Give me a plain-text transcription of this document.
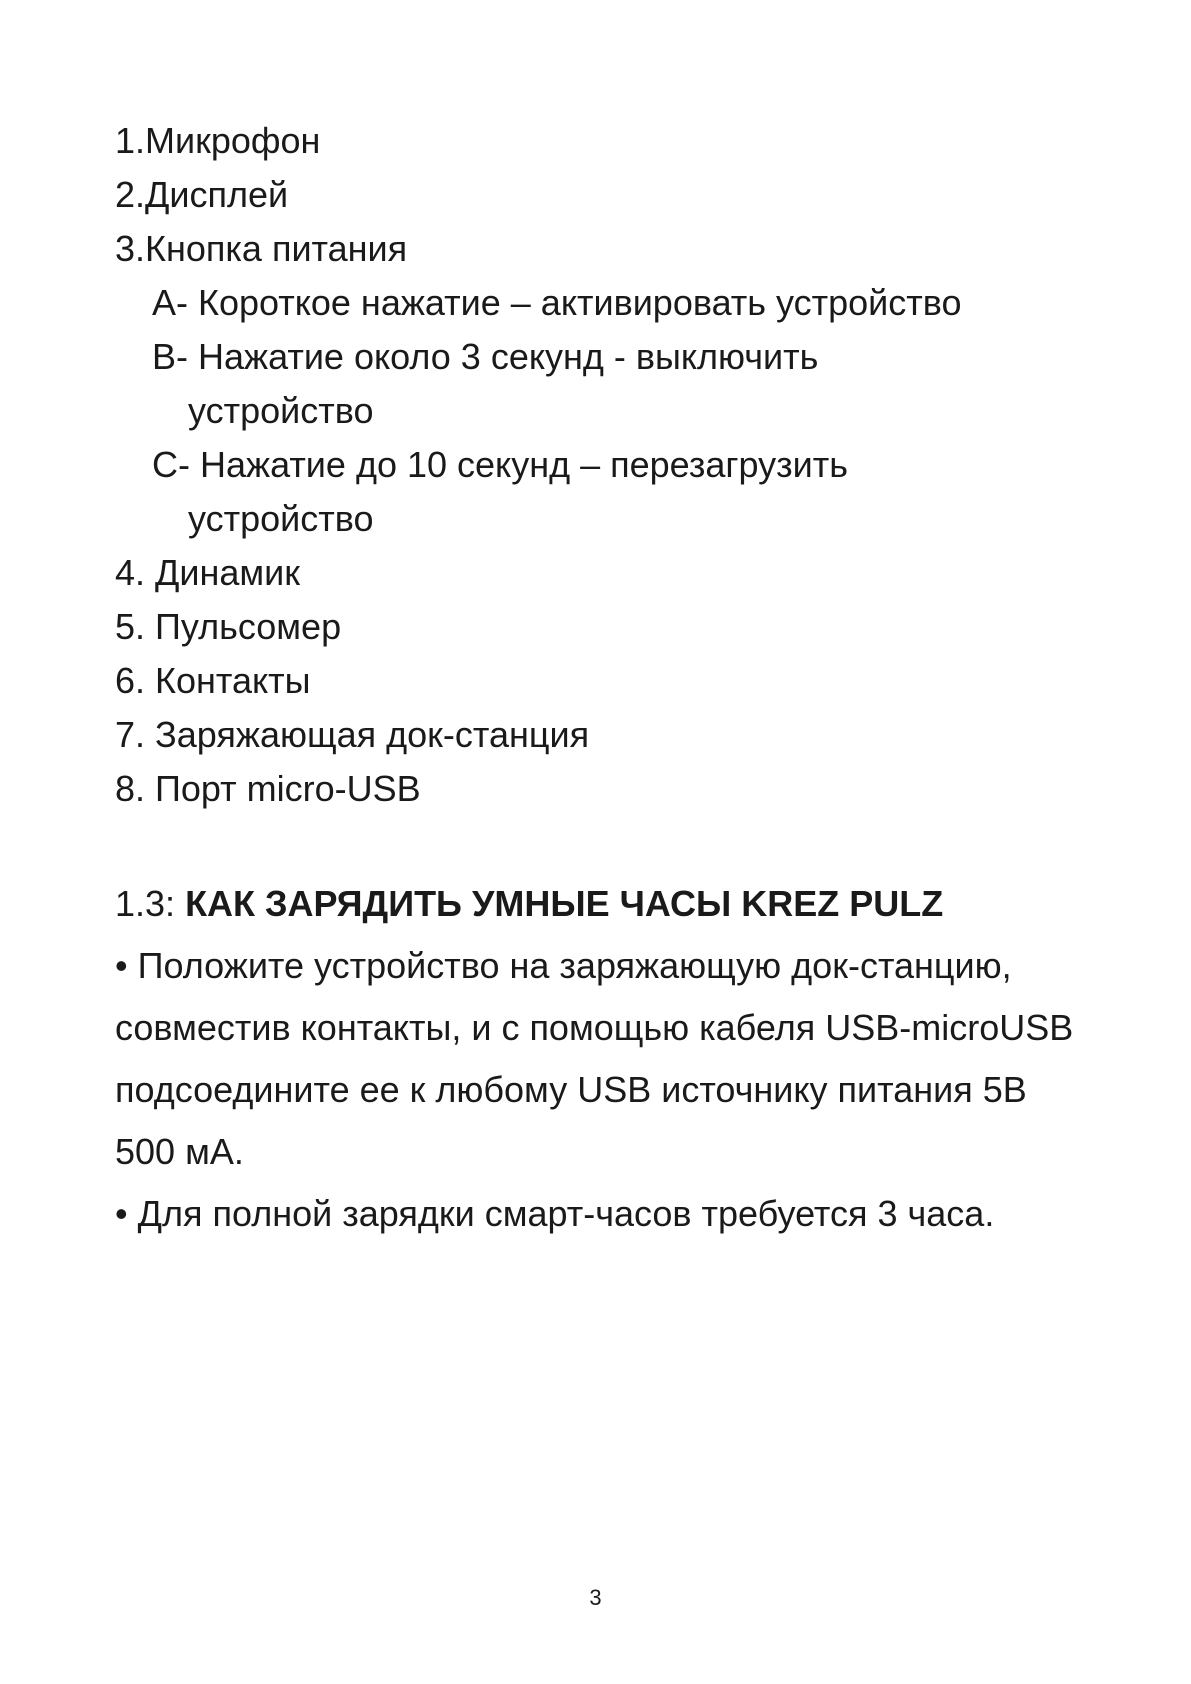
1.Микрофон
2.Дисплей
3.Кнопка питания
A- Короткое нажатие – активировать устройство
B- Нажатие около 3 секунд - выключить
устройство
C- Нажатие до 10 секунд – перезагрузить
устройство
4. Динамик
5. Пульсомер
6. Контакты
7. Заряжающая док-станция
8. Порт micro-USB
1.3: КАК ЗАРЯДИТЬ УМНЫЕ ЧАСЫ KREZ PULZ
• Положите устройство на заряжающую док-станцию, совместив контакты, и с помощью кабеля USB-microUSB подсоедините ее к любому USB источнику питания 5В 500 мА.
• Для полной зарядки смарт-часов требуется 3 часа.
3
